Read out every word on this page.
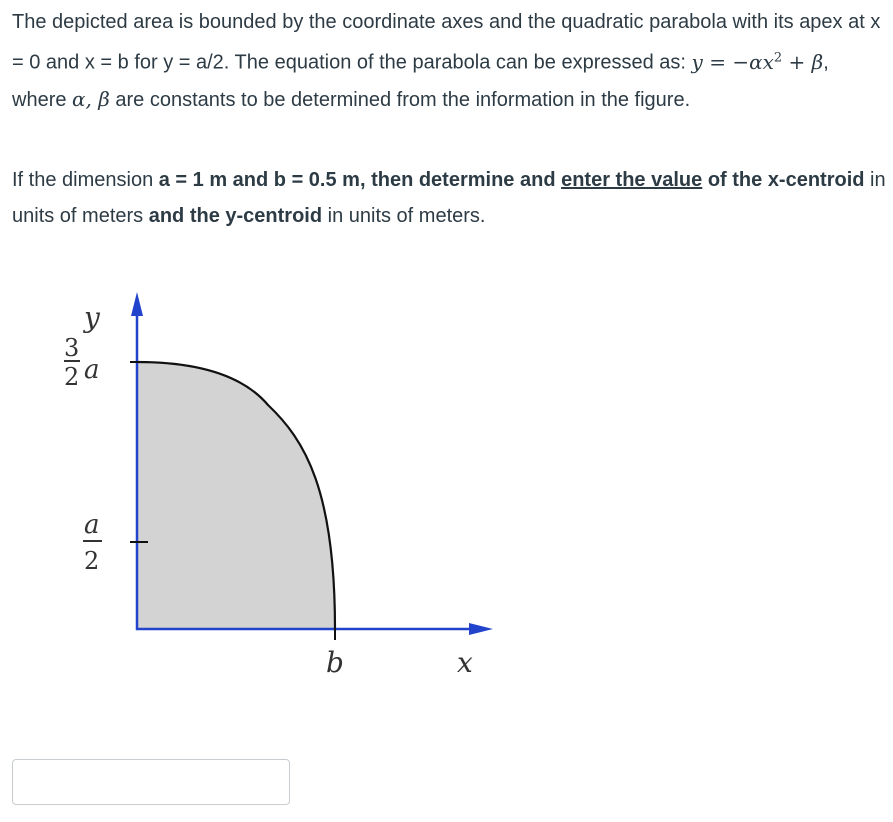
The depicted area is bounded by the coordinate axes and the quadratic parabola with its apex at x = 0 and x = b for y = a/2. The equation of the parabola can be expressed as: $y = -\alpha x^2 + \beta$, where α, β are constants to be determined from the information in the figure.

If the dimension a = 1 m and b = 0.5 m, then determine and enter the value of the x-centroid in units of meters and the y-centroid in units of meters.

y
3
2 a
a
2
b	x
